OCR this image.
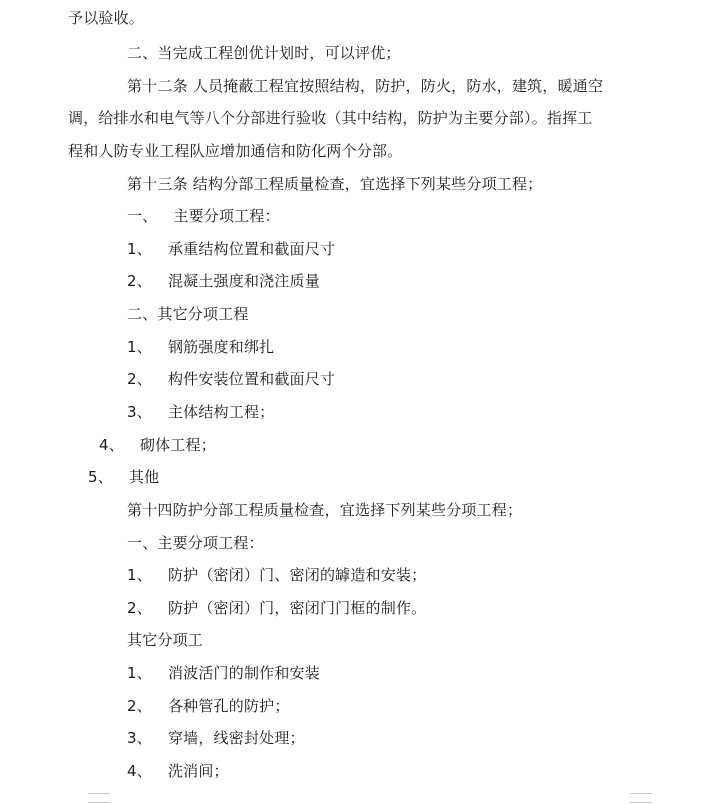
予以验收。
二、当完成工程创优计划时，可以评优；
第十二条 人员掩蔽工程宜按照结构，防护，防火，防水，建筑，暖通空
调，给排水和电气等八个分部进行验收（其中结构，防护为主要分部）。指挥工
程和人防专业工程队应增加通信和防化两个分部。
第十三条 结构分部工程质量检查，宜选择下列某些分项工程；
一、 主要分项工程：
1、 承重结构位置和截面尺寸
2、 混凝土强度和浇注质量
二、其它分项工程
1、 钢筋强度和绑扎
2、 构件安装位置和截面尺寸
3、 主体结构工程；
4、 砌体工程；
5、 其他
第十四防护分部工程质量检查，宜选择下列某些分项工程；
一、主要分项工程：
1、 防护（密闭）门、密闭的罅造和安装；
2、 防护（密闭）门，密闭门门框的制作。
其它分项工
1、 消波活门的制作和安装
2、 各种管孔的防护；
3、 穿墙，线密封处理；
4、 洗消间；
